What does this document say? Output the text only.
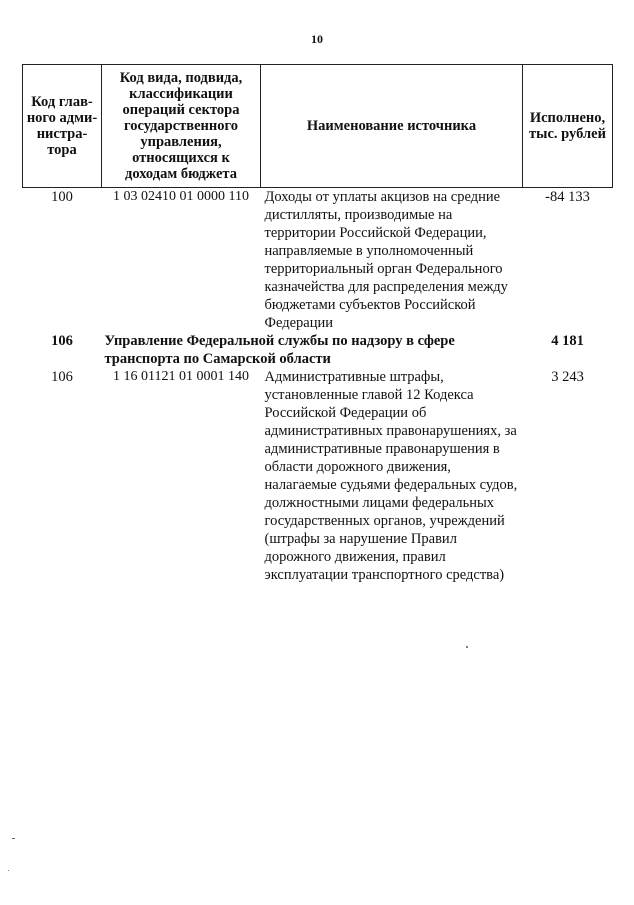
10
Код глав- ного адми- нистра- тора	Код вида, подвида, классификации операций сектора государственного управления, относящихся к доходам бюджета	Наименование источника	Исполнено, тыс. рублей
100	1 03 02410 01 0000 110	Доходы от уплаты акцизов на средние дистилляты, производимые на территории Российской Федерации, направляемые в уполномоченный территориальный орган Федерального казначейства для распределения между бюджетами субъектов Российской Федерации	-84 133
106	Управление Федеральной службы по надзору в сфере транспорта по Самарской области		4 181
106	1 16 01121 01 0001 140	Административные штрафы, установленные главой 12 Кодекса Российской Федерации об административных правонарушениях, за административные правонарушения в области дорожного движения, налагаемые судьями федеральных судов, должностными лицами федеральных государственных органов, учреждений (штрафы за нарушение Правил дорожного движения, правил эксплуатации транспортного средства)	3 243
